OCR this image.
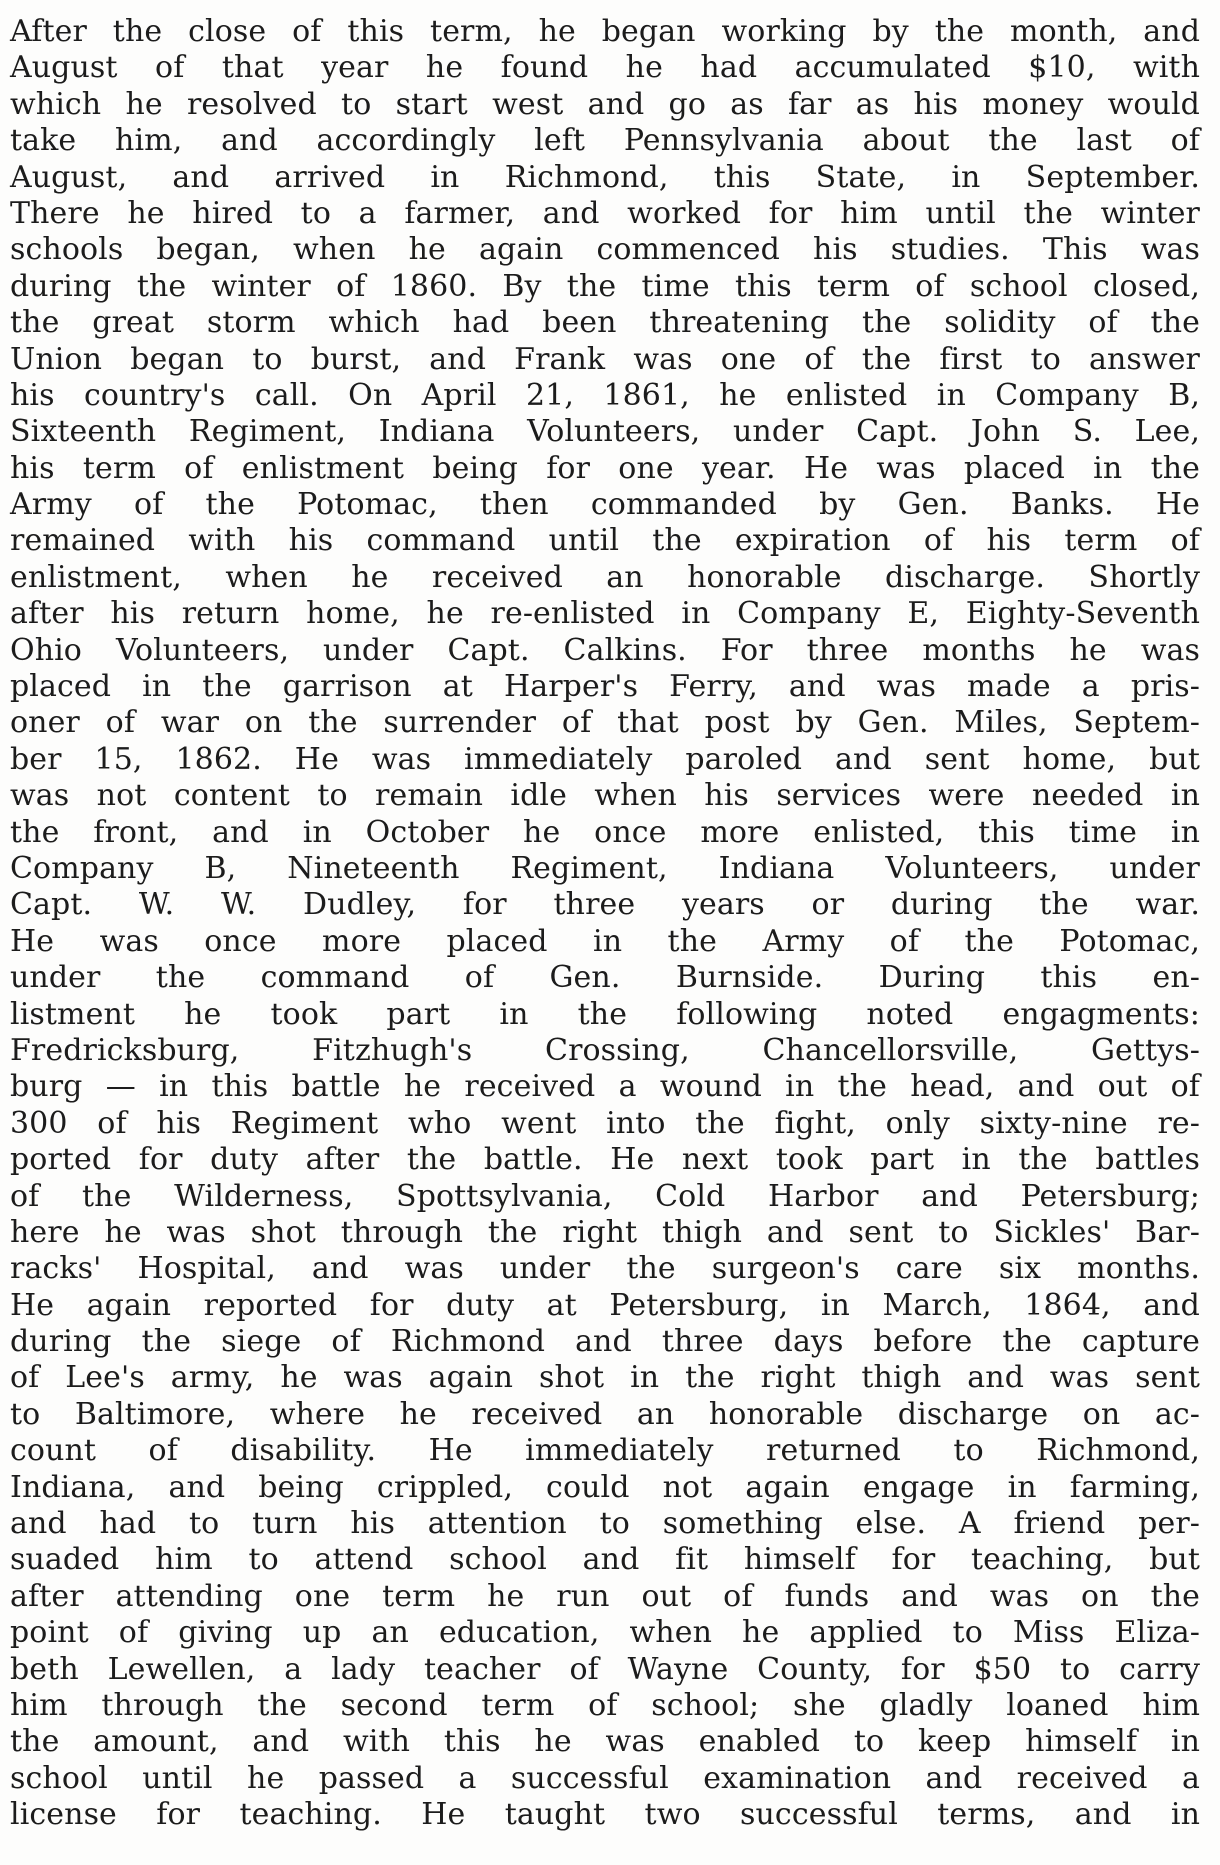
After the close of this term, he began working by the month, and
August of that year he found he had accumulated $10, with
which he resolved to start west and go as far as his money would
take him, and accordingly left Pennsylvania about the last of
August, and arrived in Richmond, this State, in September.
There he hired to a farmer, and worked for him until the winter
schools began, when he again commenced his studies. This was
during the winter of 1860. By the time this term of school closed,
the great storm which had been threatening the solidity of the
Union began to burst, and Frank was one of the first to answer
his country's call. On April 21, 1861, he enlisted in Company B,
Sixteenth Regiment, Indiana Volunteers, under Capt. John S. Lee,
his term of enlistment being for one year. He was placed in the
Army of the Potomac, then commanded by Gen. Banks. He
remained with his command until the expiration of his term of
enlistment, when he received an honorable discharge. Shortly
after his return home, he re-enlisted in Company E, Eighty-Seventh
Ohio Volunteers, under Capt. Calkins. For three months he was
placed in the garrison at Harper's Ferry, and was made a pris-
oner of war on the surrender of that post by Gen. Miles, Septem-
ber 15, 1862. He was immediately paroled and sent home, but
was not content to remain idle when his services were needed in
the front, and in October he once more enlisted, this time in
Company B, Nineteenth Regiment, Indiana Volunteers, under
Capt. W. W. Dudley, for three years or during the war.
He was once more placed in the Army of the Potomac,
under the command of Gen. Burnside. During this en-
listment he took part in the following noted engagments:
Fredricksburg, Fitzhugh's Crossing, Chancellorsville, Gettys-
burg — in this battle he received a wound in the head, and out of
300 of his Regiment who went into the fight, only sixty-nine re-
ported for duty after the battle. He next took part in the battles
of the Wilderness, Spottsylvania, Cold Harbor and Petersburg;
here he was shot through the right thigh and sent to Sickles' Bar-
racks' Hospital, and was under the surgeon's care six months.
He again reported for duty at Petersburg, in March, 1864, and
during the siege of Richmond and three days before the capture
of Lee's army, he was again shot in the right thigh and was sent
to Baltimore, where he received an honorable discharge on ac-
count of disability. He immediately returned to Richmond,
Indiana, and being crippled, could not again engage in farming,
and had to turn his attention to something else. A friend per-
suaded him to attend school and fit himself for teaching, but
after attending one term he run out of funds and was on the
point of giving up an education, when he applied to Miss Eliza-
beth Lewellen, a lady teacher of Wayne County, for $50 to carry
him through the second term of school; she gladly loaned him
the amount, and with this he was enabled to keep himself in
school until he passed a successful examination and received a
license for teaching. He taught two successful terms, and in
